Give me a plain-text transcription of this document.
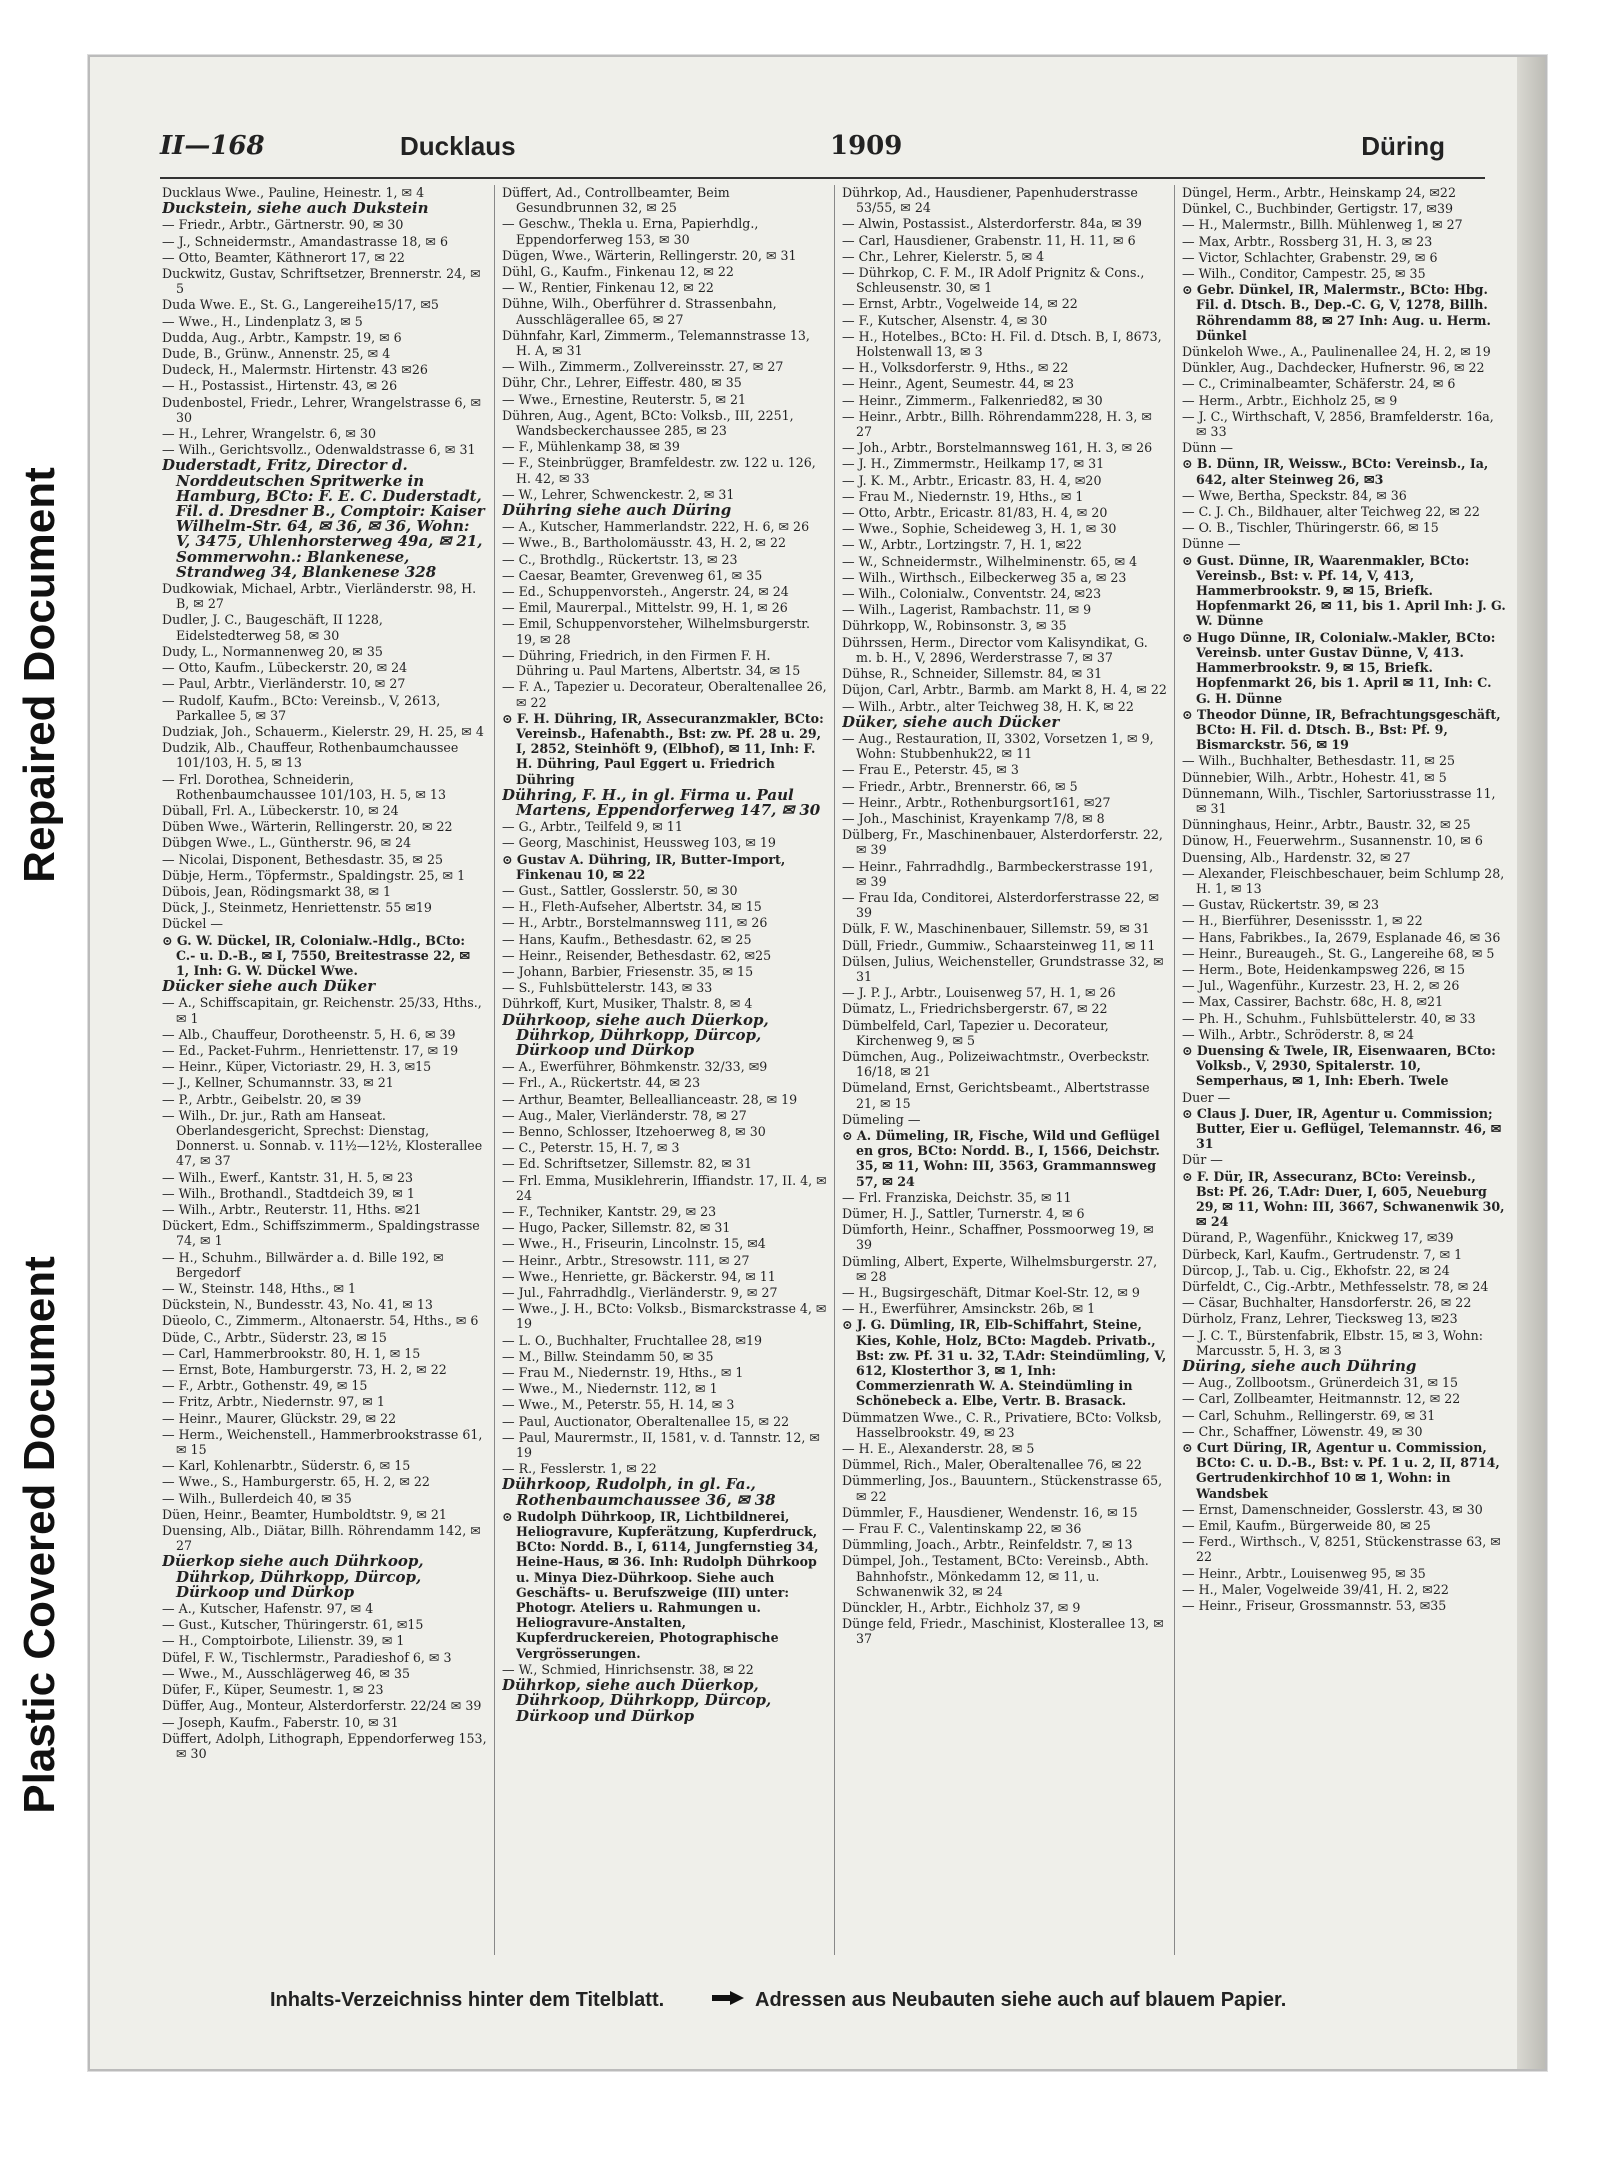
Repaired Document
Plastic Covered Document
II—168	Ducklaus	1909	Düring
Ducklaus Wwe., Pauline, Heinestr. 1, ✉ 4
Duckstein, siehe auch Dukstein
— Friedr., Arbtr., Gärtnerstr. 90, ✉ 30
— J., Schneidermstr., Amandastrasse 18, ✉ 6
— Otto, Beamter, Käthnerort 17, ✉ 22
Duckwitz, Gustav, Schriftsetzer, Brennerstr. 24, ✉ 5
Duda Wwe. E., St. G., Langereihe15/17, ✉5
— Wwe., H., Lindenplatz 3, ✉ 5
Dudda, Aug., Arbtr., Kampstr. 19, ✉ 6
Dude, B., Grünw., Annenstr. 25, ✉ 4
Dudeck, H., Malermstr. Hirtenstr. 43 ✉26
— H., Postassist., Hirtenstr. 43, ✉ 26
Dudenbostel, Friedr., Lehrer, Wrangelstrasse 6, ✉ 30
— H., Lehrer, Wrangelstr. 6, ✉ 30
— Wilh., Gerichtsvollz., Odenwaldstrasse 6, ✉ 31
Duderstadt, Fritz, Director d. Norddeutschen Spritwerke in Hamburg, BCto: F. E. C. Duderstadt, Fil. d. Dresdner B., Comptoir: Kaiser Wilhelm-Str. 64, ✉ 36, ✉ 36, Wohn: V, 3475, Uhlenhorsterweg 49a, ✉ 21, Sommerwohn.: Blankenese, Strandweg 34, Blankenese 328
Dudkowiak, Michael, Arbtr., Vierländerstr. 98, H. B, ✉ 27
Dudler, J. C., Baugeschäft, II 1228, Eidelstedterweg 58, ✉ 30
Dudy, L., Normannenweg 20, ✉ 35
— Otto, Kaufm., Lübeckerstr. 20, ✉ 24
— Paul, Arbtr., Vierländerstr. 10, ✉ 27
— Rudolf, Kaufm., BCto: Vereinsb., V, 2613, Parkallee 5, ✉ 37
Dudziak, Joh., Schauerm., Kielerstr. 29, H. 25, ✉ 4
Dudzik, Alb., Chauffeur, Rothenbaumchaussee 101/103, H. 5, ✉ 13
— Frl. Dorothea, Schneiderin, Rothenbaumchaussee 101/103, H. 5, ✉ 13
Düball, Frl. A., Lübeckerstr. 10, ✉ 24
Düben Wwe., Wärterin, Rellingerstr. 20, ✉ 22
Dübgen Wwe., L., Güntherstr. 96, ✉ 24
— Nicolai, Disponent, Bethesdastr. 35, ✉ 25
Dübje, Herm., Töpfermstr., Spaldingstr. 25, ✉ 1
Dübois, Jean, Rödingsmarkt 38, ✉ 1
Dück, J., Steinmetz, Henriettenstr. 55 ✉19
Dückel —
⊙ G. W. Dückel, IR, Colonialw.-Hdlg., BCto: C.- u. D.-B., ✉ I, 7550, Breitestrasse 22, ✉ 1, Inh: G. W. Dückel Wwe.
Dücker siehe auch Düker
— A., Schiffscapitain, gr. Reichenstr. 25/33, Hths., ✉ 1
— Alb., Chauffeur, Dorotheenstr. 5, H. 6, ✉ 39
— Ed., Packet-Fuhrm., Henriettenstr. 17, ✉ 19
— Heinr., Küper, Victoriastr. 29, H. 3, ✉15
— J., Kellner, Schumannstr. 33, ✉ 21
— P., Arbtr., Geibelstr. 20, ✉ 39
— Wilh., Dr. jur., Rath am Hanseat. Oberlandesgericht, Sprechst: Dienstag, Donnerst. u. Sonnab. v. 11½—12½, Klosterallee 47, ✉ 37
— Wilh., Ewerf., Kantstr. 31, H. 5, ✉ 23
— Wilh., Brothandl., Stadtdeich 39, ✉ 1
— Wilh., Arbtr., Reuterstr. 11, Hths. ✉21
Dückert, Edm., Schiffszimmerm., Spaldingstrasse 74, ✉ 1
— H., Schuhm., Billwärder a. d. Bille 192, ✉ Bergedorf
— W., Steinstr. 148, Hths., ✉ 1
Dückstein, N., Bundesstr. 43, No. 41, ✉ 13
Düeolo, C., Zimmerm., Altonaerstr. 54, Hths., ✉ 6
Düde, C., Arbtr., Süderstr. 23, ✉ 15
— Carl, Hammerbrookstr. 80, H. 1, ✉ 15
— Ernst, Bote, Hamburgerstr. 73, H. 2, ✉ 22
— F., Arbtr., Gothenstr. 49, ✉ 15
— Fritz, Arbtr., Niedernstr. 97, ✉ 1
— Heinr., Maurer, Glückstr. 29, ✉ 22
— Herm., Weichenstell., Hammerbrookstrasse 61, ✉ 15
— Karl, Kohlenarbtr., Süderstr. 6, ✉ 15
— Wwe., S., Hamburgerstr. 65, H. 2, ✉ 22
— Wilh., Bullerdeich 40, ✉ 35
Düen, Heinr., Beamter, Humboldtstr. 9, ✉ 21
Duensing, Alb., Diätar, Billh. Röhrendamm 142, ✉ 27
Düerkop siehe auch Dührkoop, Dührkop, Dührkopp, Dürcop, Dürkoop und Dürkop
— A., Kutscher, Hafenstr. 97, ✉ 4
— Gust., Kutscher, Thüringerstr. 61, ✉15
— H., Comptoirbote, Lilienstr. 39, ✉ 1
Düfel, F. W., Tischlermstr., Paradieshof 6, ✉ 3
— Wwe., M., Ausschlägerweg 46, ✉ 35
Düfer, F., Küper, Seumestr. 1, ✉ 23
Düffer, Aug., Monteur, Alsterdorferstr. 22/24 ✉ 39
— Joseph, Kaufm., Faberstr. 10, ✉ 31
Düffert, Adolph, Lithograph, Eppendorferweg 153, ✉ 30
Düffert, Ad., Controllbeamter, Beim Gesundbrunnen 32, ✉ 25
— Geschw., Thekla u. Erna, Papierhdlg., Eppendorferweg 153, ✉ 30
Dügen, Wwe., Wärterin, Rellingerstr. 20, ✉ 31
Dühl, G., Kaufm., Finkenau 12, ✉ 22
— W., Rentier, Finkenau 12, ✉ 22
Dühne, Wilh., Oberführer d. Strassenbahn, Ausschlägerallee 65, ✉ 27
Dühnfahr, Karl, Zimmerm., Telemannstrasse 13, H. A, ✉ 31
— Wilh., Zimmerm., Zollvereinsstr. 27, ✉ 27
Dühr, Chr., Lehrer, Eiffestr. 480, ✉ 35
— Wwe., Ernestine, Reuterstr. 5, ✉ 21
Dühren, Aug., Agent, BCto: Volksb., III, 2251, Wandsbeckerchaussee 285, ✉ 23
— F., Mühlenkamp 38, ✉ 39
— F., Steinbrügger, Bramfeldestr. zw. 122 u. 126, H. 42, ✉ 33
— W., Lehrer, Schwenckestr. 2, ✉ 31
Dühring siehe auch Düring
— A., Kutscher, Hammerlandstr. 222, H. 6, ✉ 26
— Wwe., B., Bartholomäusstr. 43, H. 2, ✉ 22
— C., Brothdlg., Rückertstr. 13, ✉ 23
— Caesar, Beamter, Grevenweg 61, ✉ 35
— Ed., Schuppenvorsteh., Angerstr. 24, ✉ 24
— Emil, Maurerpal., Mittelstr. 99, H. 1, ✉ 26
— Emil, Schuppenvorsteher, Wilhelmsburgerstr. 19, ✉ 28
— Dühring, Friedrich, in den Firmen F. H. Dühring u. Paul Martens, Albertstr. 34, ✉ 15
— F. A., Tapezier u. Decorateur, Oberaltenallee 26, ✉ 22
⊙ F. H. Dühring, IR, Assecuranzmakler, BCto: Vereinsb., Hafenabth., Bst: zw. Pf. 28 u. 29, I, 2852, Steinhöft 9, (Elbhof), ✉ 11, Inh: F. H. Dühring, Paul Eggert u. Friedrich Dühring
Dühring, F. H., in gl. Firma u. Paul Martens, Eppendorferweg 147, ✉ 30
— G., Arbtr., Teilfeld 9, ✉ 11
— Georg, Maschinist, Heussweg 103, ✉ 19
⊙ Gustav A. Dühring, IR, Butter-Import, Finkenau 10, ✉ 22
— Gust., Sattler, Gosslerstr. 50, ✉ 30
— H., Fleth-Aufseher, Albertstr. 34, ✉ 15
— H., Arbtr., Borstelmannsweg 111, ✉ 26
— Hans, Kaufm., Bethesdastr. 62, ✉ 25
— Heinr., Reisender, Bethesdastr. 62, ✉25
— Johann, Barbier, Friesenstr. 35, ✉ 15
— S., Fuhlsbüttelerstr. 143, ✉ 33
Dührkoff, Kurt, Musiker, Thalstr. 8, ✉ 4
Dührkoop, siehe auch Düerkop, Dührkop, Dührkopp, Dürcop, Dürkoop und Dürkop
— A., Ewerführer, Böhmkenstr. 32/33, ✉9
— Frl., A., Rückertstr. 44, ✉ 23
— Arthur, Beamter, Belleallianceastr. 28, ✉ 19
— Aug., Maler, Vierländerstr. 78, ✉ 27
— Benno, Schlosser, Itzehoerweg 8, ✉ 30
— C., Peterstr. 15, H. 7, ✉ 3
— Ed. Schriftsetzer, Sillemstr. 82, ✉ 31
— Frl. Emma, Musiklehrerin, Iffiandstr. 17, II. 4, ✉ 24
— F., Techniker, Kantstr. 29, ✉ 23
— Hugo, Packer, Sillemstr. 82, ✉ 31
— Wwe., H., Friseurin, Lincolnstr. 15, ✉4
— Heinr., Arbtr., Stresowstr. 111, ✉ 27
— Wwe., Henriette, gr. Bäckerstr. 94, ✉ 11
— Jul., Fahrradhdlg., Vierländerstr. 9, ✉ 27
— Wwe., J. H., BCto: Volksb., Bismarckstrasse 4, ✉ 19
— L. O., Buchhalter, Fruchtallee 28, ✉19
— M., Billw. Steindamm 50, ✉ 35
— Frau M., Niedernstr. 19, Hths., ✉ 1
— Wwe., M., Niedernstr. 112, ✉ 1
— Wwe., M., Peterstr. 55, H. 14, ✉ 3
— Paul, Auctionator, Oberaltenallee 15, ✉ 22
— Paul, Maurermstr., II, 1581, v. d. Tannstr. 12, ✉ 19
— R., Fesslerstr. 1, ✉ 22
Dührkoop, Rudolph, in gl. Fa., Rothenbaumchaussee 36, ✉ 38
⊙ Rudolph Dührkoop, IR, Lichtbildnerei, Heliogravure, Kupferätzung, Kupferdruck, BCto: Nordd. B., I, 6114, Jungfernstieg 34, Heine-Haus, ✉ 36. Inh: Rudolph Dührkoop u. Minya Diez-Dührkoop. Siehe auch Geschäfts- u. Berufszweige (III) unter: Photogr. Ateliers u. Rahmungen u. Heliogravure-Anstalten, Kupferdruckereien, Photographische Vergrösserungen.
— W., Schmied, Hinrichsenstr. 38, ✉ 22
Dührkop, siehe auch Düerkop, Dührkoop, Dührkopp, Dürcop, Dürkoop und Dürkop
Dührkop, Ad., Hausdiener, Papenhuderstrasse 53/55, ✉ 24
— Alwin, Postassist., Alsterdorferstr. 84a, ✉ 39
— Carl, Hausdiener, Grabenstr. 11, H. 11, ✉ 6
— Chr., Lehrer, Kielerstr. 5, ✉ 4
— Dührkop, C. F. M., IR Adolf Prignitz & Cons., Schleusenstr. 30, ✉ 1
— Ernst, Arbtr., Vogelweide 14, ✉ 22
— F., Kutscher, Alsenstr. 4, ✉ 30
— H., Hotelbes., BCto: H. Fil. d. Dtsch. B, I, 8673, Holstenwall 13, ✉ 3
— H., Volksdorferstr. 9, Hths., ✉ 22
— Heinr., Agent, Seumestr. 44, ✉ 23
— Heinr., Zimmerm., Falkenried82, ✉ 30
— Heinr., Arbtr., Billh. Röhrendamm228, H. 3, ✉ 27
— Joh., Arbtr., Borstelmannsweg 161, H. 3, ✉ 26
— J. H., Zimmermstr., Heilkamp 17, ✉ 31
— J. K. M., Arbtr., Ericastr. 83, H. 4, ✉20
— Frau M., Niedernstr. 19, Hths., ✉ 1
— Otto, Arbtr., Ericastr. 81/83, H. 4, ✉ 20
— Wwe., Sophie, Scheideweg 3, H. 1, ✉ 30
— W., Arbtr., Lortzingstr. 7, H. 1, ✉22
— W., Schneidermstr., Wilhelminenstr. 65, ✉ 4
— Wilh., Wirthsch., Eilbeckerweg 35 a, ✉ 23
— Wilh., Colonialw., Conventstr. 24, ✉23
— Wilh., Lagerist, Rambachstr. 11, ✉ 9
Dührkopp, W., Robinsonstr. 3, ✉ 35
Dührssen, Herm., Director vom Kalisyndikat, G. m. b. H., V, 2896, Werderstrasse 7, ✉ 37
Dühse, R., Schneider, Sillemstr. 84, ✉ 31
Düjon, Carl, Arbtr., Barmb. am Markt 8, H. 4, ✉ 22
— Wilh., Arbtr., alter Teichweg 38, H. K, ✉ 22
Düker, siehe auch Dücker
— Aug., Restauration, II, 3302, Vorsetzen 1, ✉ 9, Wohn: Stubbenhuk22, ✉ 11
— Frau E., Peterstr. 45, ✉ 3
— Friedr., Arbtr., Brennerstr. 66, ✉ 5
— Heinr., Arbtr., Rothenburgsort161, ✉27
— Joh., Maschinist, Krayenkamp 7/8, ✉ 8
Dülberg, Fr., Maschinenbauer, Alsterdorferstr. 22, ✉ 39
— Heinr., Fahrradhdlg., Barmbeckerstrasse 191, ✉ 39
— Frau Ida, Conditorei, Alsterdorferstrasse 22, ✉ 39
Dülk, F. W., Maschinenbauer, Sillemstr. 59, ✉ 31
Düll, Friedr., Gummiw., Schaarsteinweg 11, ✉ 11
Dülsen, Julius, Weichensteller, Grundstrasse 32, ✉ 31
— J. P. J., Arbtr., Louisenweg 57, H. 1, ✉ 26
Dümatz, L., Friedrichsbergerstr. 67, ✉ 22
Dümbelfeld, Carl, Tapezier u. Decorateur, Kirchenweg 9, ✉ 5
Dümchen, Aug., Polizeiwachtmstr., Overbeckstr. 16/18, ✉ 21
Dümeland, Ernst, Gerichtsbeamt., Albertstrasse 21, ✉ 15
Dümeling —
⊙ A. Dümeling, IR, Fische, Wild und Geflügel en gros, BCto: Nordd. B., I, 1566, Deichstr. 35, ✉ 11, Wohn: III, 3563, Grammannsweg 57, ✉ 24
— Frl. Franziska, Deichstr. 35, ✉ 11
Dümer, H. J., Sattler, Turnerstr. 4, ✉ 6
Dümforth, Heinr., Schaffner, Possmoorweg 19, ✉ 39
Dümling, Albert, Experte, Wilhelmsburgerstr. 27, ✉ 28
— H., Bugsirgeschäft, Ditmar Koel-Str. 12, ✉ 9
— H., Ewerführer, Amsinckstr. 26b, ✉ 1
⊙ J. G. Dümling, IR, Elb-Schiffahrt, Steine, Kies, Kohle, Holz, BCto: Magdeb. Privatb., Bst: zw. Pf. 31 u. 32, T.Adr: Steindümling, V, 612, Klosterthor 3, ✉ 1, Inh: Commerzienrath W. A. Steindümling in Schönebeck a. Elbe, Vertr. B. Brasack.
Dümmatzen Wwe., C. R., Privatiere, BCto: Volksb, Hasselbrookstr. 49, ✉ 23
— H. E., Alexanderstr. 28, ✉ 5
Dümmel, Rich., Maler, Oberaltenallee 76, ✉ 22
Dümmerling, Jos., Bauuntern., Stückenstrasse 65, ✉ 22
Dümmler, F., Hausdiener, Wendenstr. 16, ✉ 15
— Frau F. C., Valentinskamp 22, ✉ 36
Dümmling, Joach., Arbtr., Reinfeldstr. 7, ✉ 13
Dümpel, Joh., Testament, BCto: Vereinsb., Abth. Bahnhofstr., Mönkedamm 12, ✉ 11, u. Schwanenwik 32, ✉ 24
Dünckler, H., Arbtr., Eichholz 37, ✉ 9
Dünge feld, Friedr., Maschinist, Klosterallee 13, ✉ 37
Düngel, Herm., Arbtr., Heinskamp 24, ✉22
Dünkel, C., Buchbinder, Gertigstr. 17, ✉39
— H., Malermstr., Billh. Mühlenweg 1, ✉ 27
— Max, Arbtr., Rossberg 31, H. 3, ✉ 23
— Victor, Schlachter, Grabenstr. 29, ✉ 6
— Wilh., Conditor, Campestr. 25, ✉ 35
⊙ Gebr. Dünkel, IR, Malermstr., BCto: Hbg. Fil. d. Dtsch. B., Dep.-C. G, V, 1278, Billh. Röhrendamm 88, ✉ 27 Inh: Aug. u. Herm. Dünkel
Dünkeloh Wwe., A., Paulinenallee 24, H. 2, ✉ 19
Dünkler, Aug., Dachdecker, Hufnerstr. 96, ✉ 22
— C., Criminalbeamter, Schäferstr. 24, ✉ 6
— Herm., Arbtr., Eichholz 25, ✉ 9
— J. C., Wirthschaft, V, 2856, Bramfelderstr. 16a, ✉ 33
Dünn —
⊙ B. Dünn, IR, Weissw., BCto: Vereinsb., Ia, 642, alter Steinweg 26, ✉3
— Wwe, Bertha, Speckstr. 84, ✉ 36
— C. J. Ch., Bildhauer, alter Teichweg 22, ✉ 22
— O. B., Tischler, Thüringerstr. 66, ✉ 15
Dünne —
⊙ Gust. Dünne, IR, Waarenmakler, BCto: Vereinsb., Bst: v. Pf. 14, V, 413, Hammerbrookstr. 9, ✉ 15, Briefk. Hopfenmarkt 26, ✉ 11, bis 1. April Inh: J. G. W. Dünne
⊙ Hugo Dünne, IR, Colonialw.-Makler, BCto: Vereinsb. unter Gustav Dünne, V, 413. Hammerbrookstr. 9, ✉ 15, Briefk. Hopfenmarkt 26, bis 1. April ✉ 11, Inh: C. G. H. Dünne
⊙ Theodor Dünne, IR, Befrachtungsgeschäft, BCto: H. Fil. d. Dtsch. B., Bst: Pf. 9, Bismarckstr. 56, ✉ 19
— Wilh., Buchhalter, Bethesdastr. 11, ✉ 25
Dünnebier, Wilh., Arbtr., Hohestr. 41, ✉ 5
Dünnemann, Wilh., Tischler, Sartoriusstrasse 11, ✉ 31
Dünninghaus, Heinr., Arbtr., Baustr. 32, ✉ 25
Dünow, H., Feuerwehrm., Susannenstr. 10, ✉ 6
Duensing, Alb., Hardenstr. 32, ✉ 27
— Alexander, Fleischbeschauer, beim Schlump 28, H. 1, ✉ 13
— Gustav, Rückertstr. 39, ✉ 23
— H., Bierführer, Desenissstr. 1, ✉ 22
— Hans, Fabrikbes., Ia, 2679, Esplanade 46, ✉ 36
— Heinr., Bureaugeh., St. G., Langereihe 68, ✉ 5
— Herm., Bote, Heidenkampsweg 226, ✉ 15
— Jul., Wagenführ., Kurzestr. 23, H. 2, ✉ 26
— Max, Cassirer, Bachstr. 68c, H. 8, ✉21
— Ph. H., Schuhm., Fuhlsbüttelerstr. 40, ✉ 33
— Wilh., Arbtr., Schröderstr. 8, ✉ 24
⊙ Duensing & Twele, IR, Eisenwaaren, BCto: Volksb., V, 2930, Spitalerstr. 10, Semperhaus, ✉ 1, Inh: Eberh. Twele
Duer —
⊙ Claus J. Duer, IR, Agentur u. Commission; Butter, Eier u. Geflügel, Telemannstr. 46, ✉ 31
Dür —
⊙ F. Dür, IR, Assecuranz, BCto: Vereinsb., Bst: Pf. 26, T.Adr: Duer, I, 605, Neueburg 29, ✉ 11, Wohn: III, 3667, Schwanenwik 30, ✉ 24
Dürand, P., Wagenführ., Knickweg 17, ✉39
Dürbeck, Karl, Kaufm., Gertrudenstr. 7, ✉ 1
Dürcop, J., Tab. u. Cig., Ekhofstr. 22, ✉ 24
Dürfeldt, C., Cig.-Arbtr., Methfesselstr. 78, ✉ 24
— Cäsar, Buchhalter, Hansdorferstr. 26, ✉ 22
Dürholz, Franz, Lehrer, Tiecksweg 13, ✉23
— J. C. T., Bürstenfabrik, Elbstr. 15, ✉ 3, Wohn: Marcusstr. 5, H. 3, ✉ 3
Düring, siehe auch Dühring
— Aug., Zollbootsm., Grünerdeich 31, ✉ 15
— Carl, Zollbeamter, Heitmannstr. 12, ✉ 22
— Carl, Schuhm., Rellingerstr. 69, ✉ 31
— Chr., Schaffner, Löwenstr. 49, ✉ 30
⊙ Curt Düring, IR, Agentur u. Commission, BCto: C. u. D.-B., Bst: v. Pf. 1 u. 2, II, 8714, Gertrudenkirchhof 10 ✉ 1, Wohn: in Wandsbek
— Ernst, Damenschneider, Gosslerstr. 43, ✉ 30
— Emil, Kaufm., Bürgerweide 80, ✉ 25
— Ferd., Wirthsch., V, 8251, Stückenstrasse 63, ✉ 22
— Heinr., Arbtr., Louisenweg 95, ✉ 35
— H., Maler, Vogelweide 39/41, H. 2, ✉22
— Heinr., Friseur, Grossmannstr. 53, ✉35
Inhalts-Verzeichniss hinter dem Titelblatt.	Adressen aus Neubauten siehe auch auf blauem Papier.
